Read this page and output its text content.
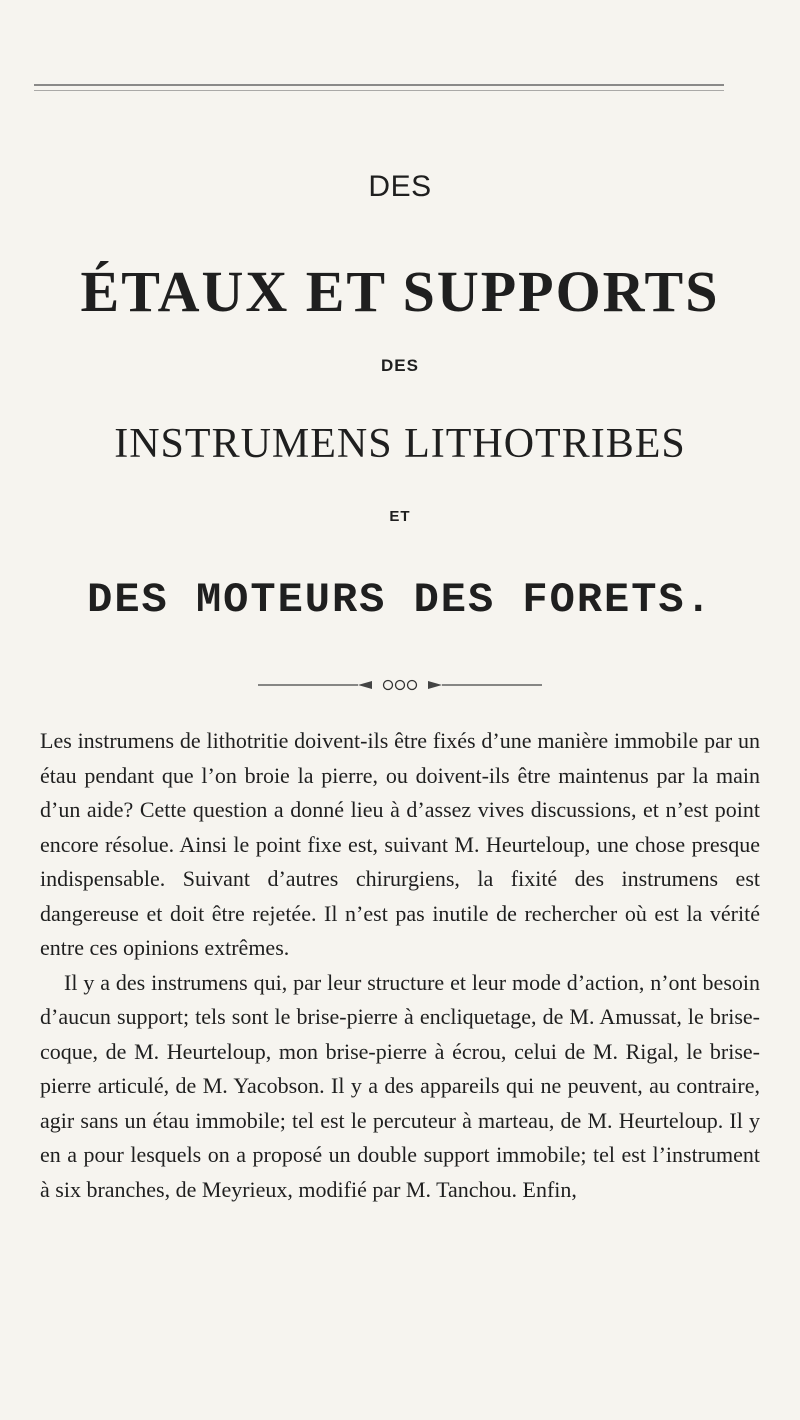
DES
ÉTAUX ET SUPPORTS
DES
INSTRUMENS LITHOTRIBES
ET
DES MOTEURS DES FORETS.

Les instrumens de lithotritie doivent-ils être fixés d’une manière immobile par un étau pendant que l’on broie la pierre, ou doivent-ils être maintenus par la main d’un aide? Cette question a donné lieu à d’assez vives discussions, et n’est point encore résolue. Ainsi le point fixe est, suivant M. Heurteloup, une chose presque indispensable. Suivant d’autres chirurgiens, la fixité des instrumens est dangereuse et doit être rejetée. Il n’est pas inutile de rechercher où est la vérité entre ces opinions extrêmes.

Il y a des instrumens qui, par leur structure et leur mode d’action, n’ont besoin d’aucun support; tels sont le brise-pierre à encliquetage, de M. Amussat, le brise-coque, de M. Heurteloup, mon brise-pierre à écrou, celui de M. Rigal, le brise-pierre articulé, de M. Yacobson. Il y a des appareils qui ne peuvent, au contraire, agir sans un étau immobile; tel est le percuteur à marteau, de M. Heurteloup. Il y en a pour lesquels on a proposé un double support immobile; tel est l’instrument à six branches, de Meyrieux, modifié par M. Tanchou. Enfin,
